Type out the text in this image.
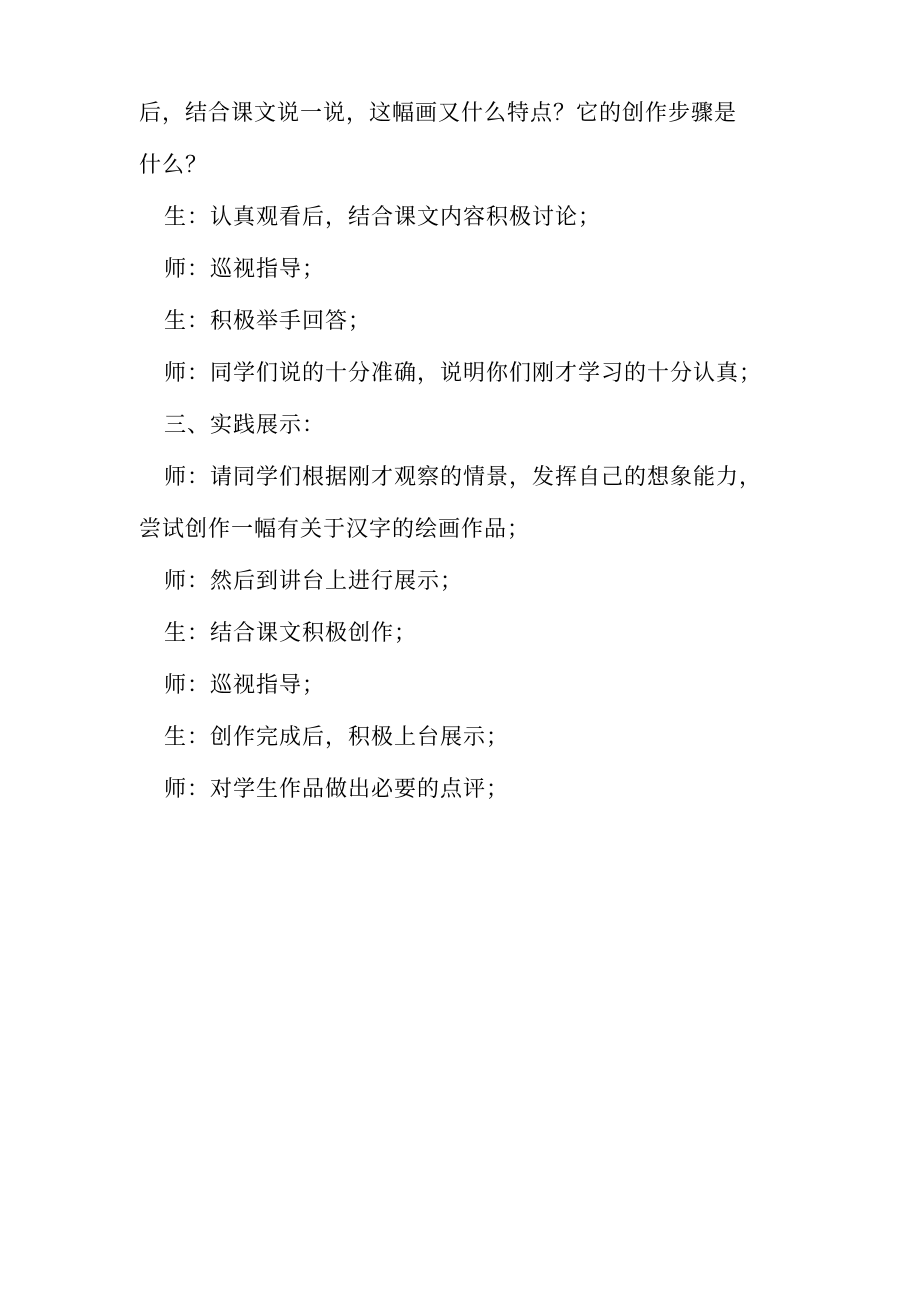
后，结合课文说一说，这幅画又什么特点？它的创作步骤是
什么？
生：认真观看后，结合课文内容积极讨论；
师：巡视指导；
生：积极举手回答；
师：同学们说的十分准确，说明你们刚才学习的十分认真；
三、实践展示：
师：请同学们根据刚才观察的情景，发挥自己的想象能力，
尝试创作一幅有关于汉字的绘画作品；
师：然后到讲台上进行展示；
生：结合课文积极创作；
师：巡视指导；
生：创作完成后，积极上台展示；
师：对学生作品做出必要的点评；
